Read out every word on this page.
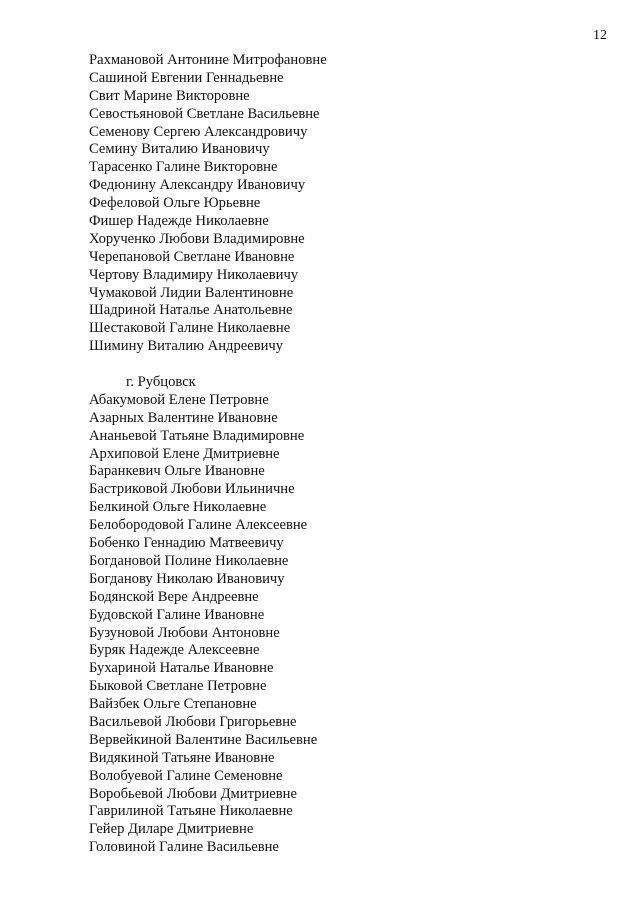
12

Рахмановой Антонине Митрофановне

Сашиной Евгении Геннадьевне

Свит Марине Викторовне

Севостьяновой Светлане Васильевне

Семенову Сергею Александровичу

Семину Виталию Ивановичу

Тарасенко Галине Викторовне

Федюнину Александру Ивановичу

Фефеловой Ольге Юрьевне

Фишер Надежде Николаевне

Хорученко Любови Владимировне

Черепановой Светлане Ивановне

Чертову Владимиру Николаевичу

Чумаковой Лидии Валентиновне

Шадриной Наталье Анатольевне

Шестаковой Галине Николаевне

Шимину Виталию Андреевичу

г. Рубцовск

Абакумовой Елене Петровне

Азарных Валентине Ивановне

Ананьевой Татьяне Владимировне

Архиповой Елене Дмитриевне

Баранкевич Ольге Ивановне

Бастриковой Любови Ильиничне

Белкиной Ольге Николаевне

Белобородовой Галине Алексеевне

Бобенко Геннадию Матвеевичу

Богдановой Полине Николаевне

Богданову Николаю Ивановичу

Бодянской Вере Андреевне

Будовской Галине Ивановне

Бузуновой Любови Антоновне

Буряк Надежде Алексеевне

Бухариной Наталье Ивановне

Быковой Светлане Петровне

Вайзбек Ольге Степановне

Васильевой Любови Григорьевне

Вервейкиной Валентине Васильевне

Видякиной Татьяне Ивановне

Волобуевой Галине Семеновне

Воробьевой Любови Дмитриевне

Гаврилиной Татьяне Николаевне

Гейер Диларе Дмитриевне

Головиной Галине Васильевне
